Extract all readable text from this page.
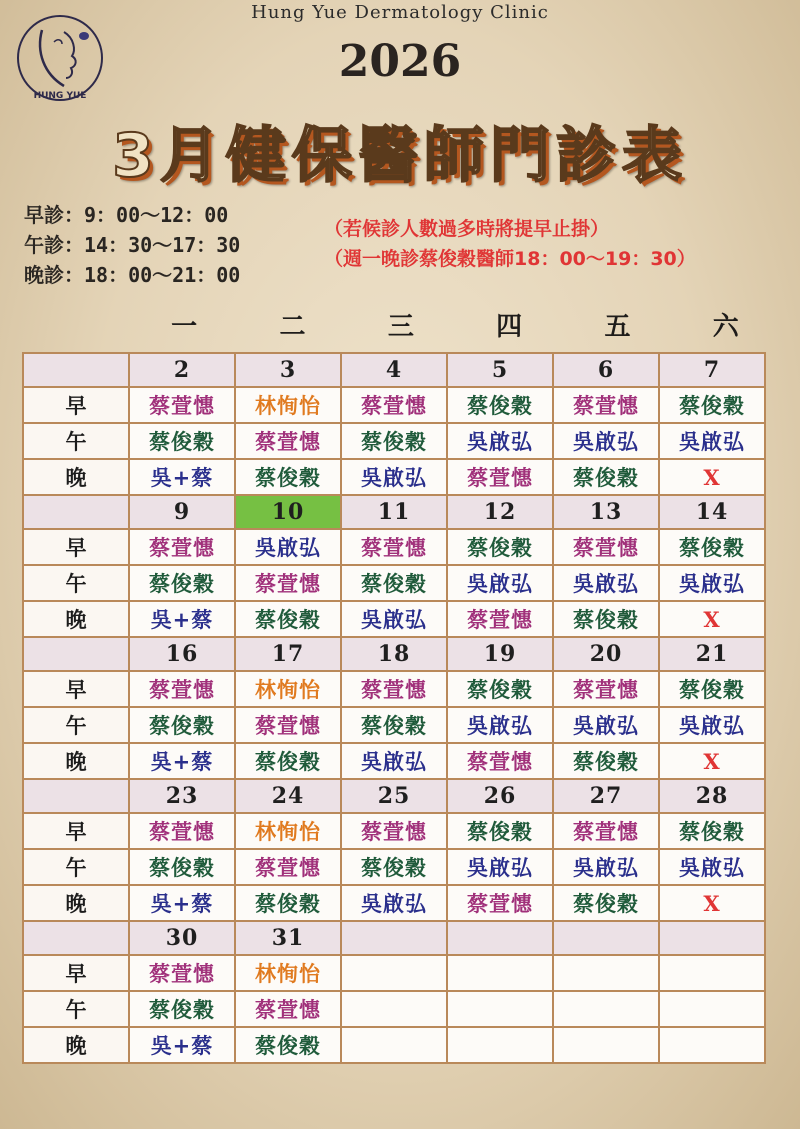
HUNG YUE
Hung Yue Dermatology Clinic
2026
3月健保醫師門診表
早診：9：00～12：00
午診：14：30～17：30
晚診：18：00～21：00
（若候診人數過多時將提早止掛）
（週一晚診蔡俊穀醫師18：00～19：30）
一	二	三	四	五	六
	2	3	4	5	6	7
早	蔡萱憓	林恂怡	蔡萱憓	蔡俊穀	蔡萱憓	蔡俊穀
午	蔡俊穀	蔡萱憓	蔡俊穀	吳啟弘	吳啟弘	吳啟弘
晚	吳+蔡	蔡俊穀	吳啟弘	蔡萱憓	蔡俊穀	X
	9	10	11	12	13	14
早	蔡萱憓	吳啟弘	蔡萱憓	蔡俊穀	蔡萱憓	蔡俊穀
午	蔡俊穀	蔡萱憓	蔡俊穀	吳啟弘	吳啟弘	吳啟弘
晚	吳+蔡	蔡俊穀	吳啟弘	蔡萱憓	蔡俊穀	X
	16	17	18	19	20	21
早	蔡萱憓	林恂怡	蔡萱憓	蔡俊穀	蔡萱憓	蔡俊穀
午	蔡俊穀	蔡萱憓	蔡俊穀	吳啟弘	吳啟弘	吳啟弘
晚	吳+蔡	蔡俊穀	吳啟弘	蔡萱憓	蔡俊穀	X
	23	24	25	26	27	28
早	蔡萱憓	林恂怡	蔡萱憓	蔡俊穀	蔡萱憓	蔡俊穀
午	蔡俊穀	蔡萱憓	蔡俊穀	吳啟弘	吳啟弘	吳啟弘
晚	吳+蔡	蔡俊穀	吳啟弘	蔡萱憓	蔡俊穀	X
	30	31				
早	蔡萱憓	林恂怡				
午	蔡俊穀	蔡萱憓				
晚	吳+蔡	蔡俊穀				
